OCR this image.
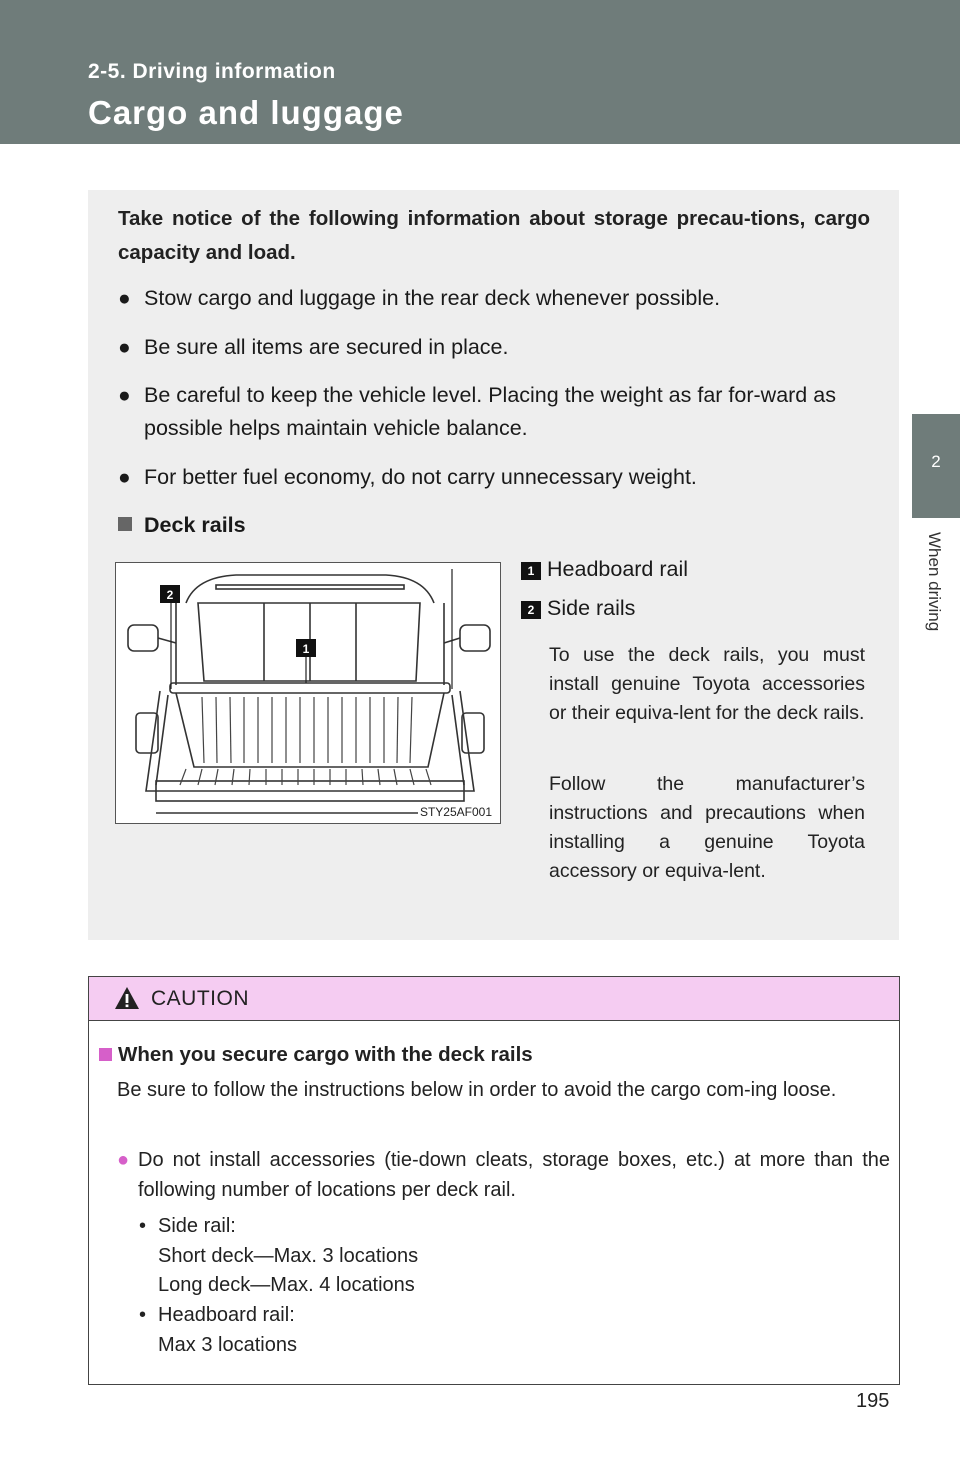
2-5. Driving information
Cargo and luggage
2
When driving
Take notice of the following information about storage precau-tions, cargo capacity and load.
● Stow cargo and luggage in the rear deck whenever possible.
● Be sure all items are secured in place.
● Be careful to keep the vehicle level. Placing the weight as far for-ward as possible helps maintain vehicle balance.
● For better fuel economy, do not carry unnecessary weight.
Deck rails
2
1
STY25AF001
1 Headboard rail
2 Side rails
To use the deck rails, you must install genuine Toyota accessories or their equiva-lent for the deck rails.
Follow the manufacturer’s instructions and precautions when installing a genuine Toyota accessory or equiva-lent.
CAUTION
When you secure cargo with the deck rails
Be sure to follow the instructions below in order to avoid the cargo com-ing loose.
● Do not install accessories (tie-down cleats, storage boxes, etc.) at more than the following number of locations per deck rail.
• Side rail:
Short deck—Max. 3 locations
Long deck—Max. 4 locations
• Headboard rail:
Max 3 locations
195
